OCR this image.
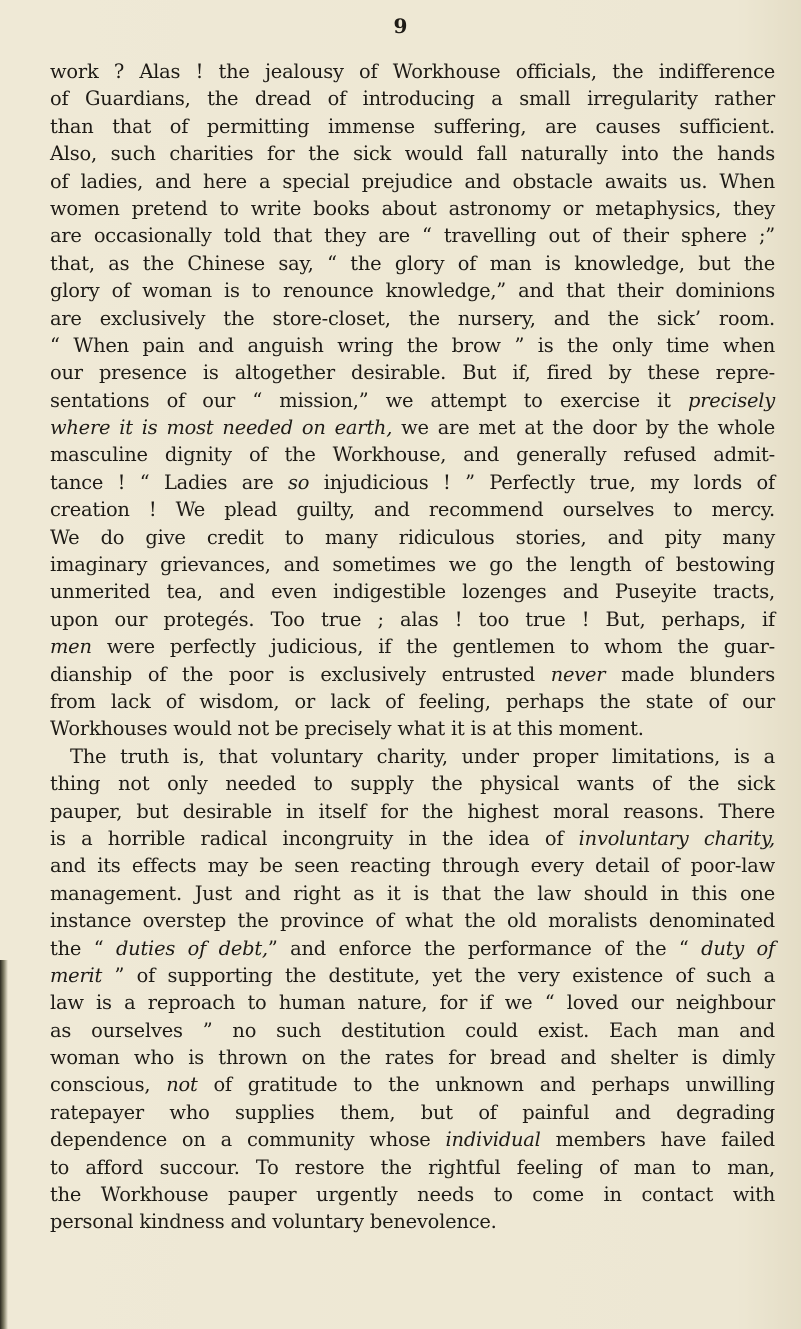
9
work ? Alas ! the jealousy of Workhouse officials, the indifference
of Guardians, the dread of introducing a small irregularity rather
than that of permitting immense suffering, are causes sufficient.
Also, such charities for the sick would fall naturally into the hands
of ladies, and here a special prejudice and obstacle awaits us. When
women pretend to write books about astronomy or metaphysics, they
are occasionally told that they are “ travelling out of their sphere ;”
that, as the Chinese say, “ the glory of man is knowledge, but the
glory of woman is to renounce knowledge,” and that their dominions
are exclusively the store-closet, the nursery, and the sick’ room.
“ When pain and anguish wring the brow ” is the only time when
our presence is altogether desirable. But if, fired by these repre-
sentations of our “ mission,” we attempt to exercise it precisely
where it is most needed on earth, we are met at the door by the whole
masculine dignity of the Workhouse, and generally refused admit-
tance ! “ Ladies are so injudicious ! ” Perfectly true, my lords of
creation ! We plead guilty, and recommend ourselves to mercy.
We do give credit to many ridiculous stories, and pity many
imaginary grievances, and sometimes we go the length of bestowing
unmerited tea, and even indigestible lozenges and Puseyite tracts,
upon our protegés. Too true ; alas ! too true ! But, perhaps, if
men were perfectly judicious, if the gentlemen to whom the guar-
dianship of the poor is exclusively entrusted never made blunders
from lack of wisdom, or lack of feeling, perhaps the state of our
Workhouses would not be precisely what it is at this moment.
The truth is, that voluntary charity, under proper limitations, is a
thing not only needed to supply the physical wants of the sick
pauper, but desirable in itself for the highest moral reasons. There
is a horrible radical incongruity in the idea of involuntary charity,
and its effects may be seen reacting through every detail of poor-law
management. Just and right as it is that the law should in this one
instance overstep the province of what the old moralists denominated
the “ duties of debt,” and enforce the performance of the “ duty of
merit ” of supporting the destitute, yet the very existence of such a
law is a reproach to human nature, for if we “ loved our neighbour
as ourselves ” no such destitution could exist. Each man and
woman who is thrown on the rates for bread and shelter is dimly
conscious, not of gratitude to the unknown and perhaps unwilling
ratepayer who supplies them, but of painful and degrading
dependence on a community whose individual members have failed
to afford succour. To restore the rightful feeling of man to man,
the Workhouse pauper urgently needs to come in contact with
personal kindness and voluntary benevolence.
